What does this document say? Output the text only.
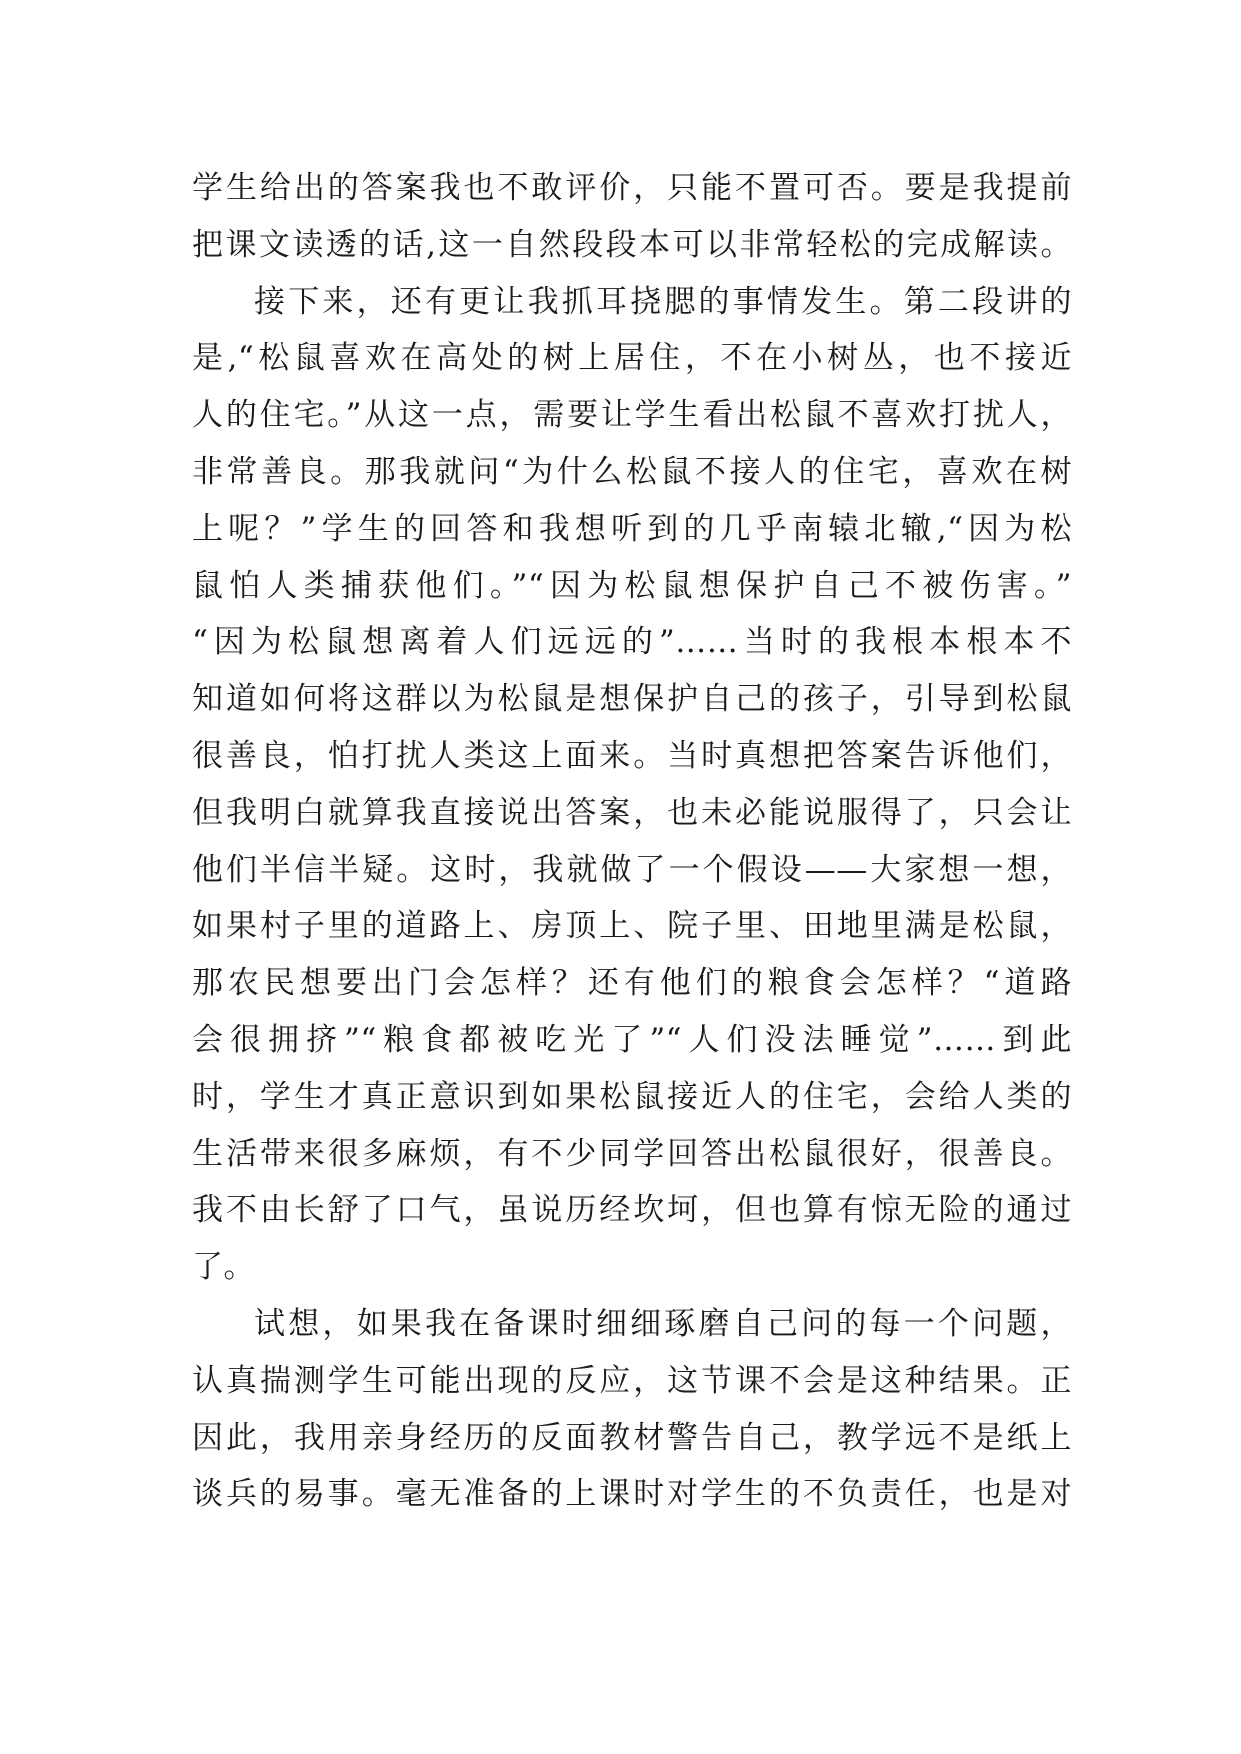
学生给出的答案我也不敢评价，只能不置可否。要是我提前
把课文读透的话,这一自然段段本可以非常轻松的完成解读。
接下来，还有更让我抓耳挠腮的事情发生。第二段讲的
是,“松鼠喜欢在高处的树上居住，不在小树丛，也不接近
人的住宅。”从这一点，需要让学生看出松鼠不喜欢打扰人，
非常善良。那我就问“为什么松鼠不接人的住宅，喜欢在树
上呢？”学生的回答和我想听到的几乎南辕北辙,“因为松
鼠怕人类捕获他们。”“因为松鼠想保护自己不被伤害。”
“因为松鼠想离着人们远远的”……当时的我根本根本不
知道如何将这群以为松鼠是想保护自己的孩子，引导到松鼠
很善良，怕打扰人类这上面来。当时真想把答案告诉他们，
但我明白就算我直接说出答案，也未必能说服得了，只会让
他们半信半疑。这时，我就做了一个假设——大家想一想，
如果村子里的道路上、房顶上、院子里、田地里满是松鼠，
那农民想要出门会怎样？还有他们的粮食会怎样？“道路
会很拥挤”“粮食都被吃光了”“人们没法睡觉”……到此
时，学生才真正意识到如果松鼠接近人的住宅，会给人类的
生活带来很多麻烦，有不少同学回答出松鼠很好，很善良。
我不由长舒了口气，虽说历经坎坷，但也算有惊无险的通过
了。
试想，如果我在备课时细细琢磨自己问的每一个问题，
认真揣测学生可能出现的反应，这节课不会是这种结果。正
因此，我用亲身经历的反面教材警告自己，教学远不是纸上
谈兵的易事。毫无准备的上课时对学生的不负责任，也是对
